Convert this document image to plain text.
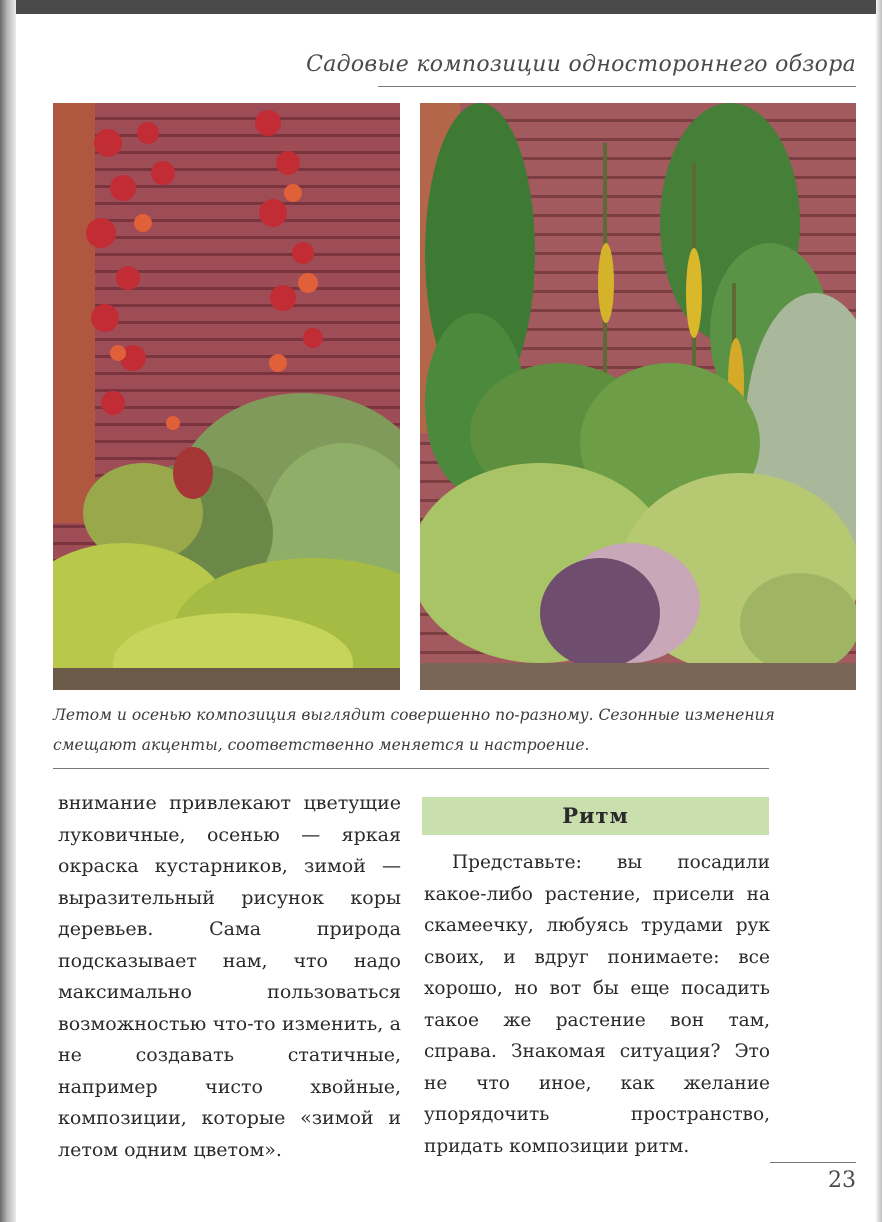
Садовые композиции одностороннего обзора

Летом и осенью композиция выглядит совершенно по-разному. Сезонные изменения смещают акценты, соответственно меняется и настроение.

внимание привлекают цветущие луковичные, осенью — яркая окраска кустарников, зимой — выразительный рисунок коры деревьев. Сама природа подсказывает нам, что надо максимально пользоваться возможностью что-то изменить, а не создавать статичные, например чисто хвойные, композиции, которые «зимой и летом одним цветом».

Ритм

Представьте: вы посадили какое-либо растение, присели на скамеечку, любуясь трудами рук своих, и вдруг понимаете: все хорошо, но вот бы еще посадить такое же растение вон там, справа. Знакомая ситуация? Это не что иное, как желание упорядочить пространство, придать композиции ритм.

23
